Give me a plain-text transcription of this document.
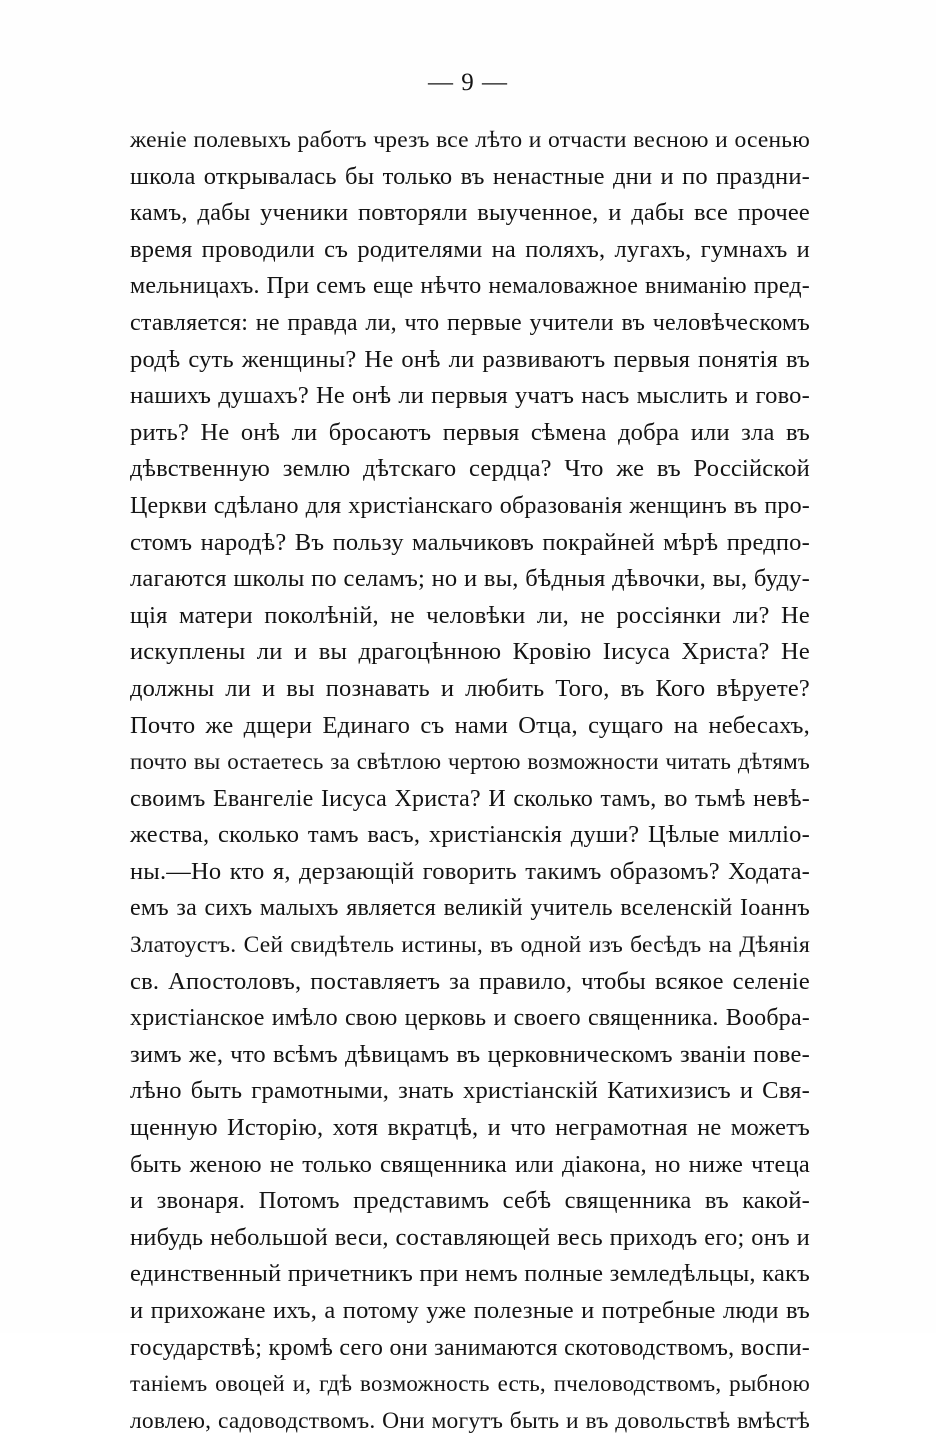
— 9 —
женіе полевыхъ работъ чрезъ все лѣто и отчасти весною и осенью
школа открывалась бы только въ ненастные дни и по праздни-
камъ, дабы ученики повторяли выученное, и дабы все прочее
время проводили съ родителями на поляхъ, лугахъ, гумнахъ и
мельницахъ. При семъ еще нѣчто немаловажное вниманію пред-
ставляется: не правда ли, что первые учители въ человѣческомъ
родѣ суть женщины? Не онѣ ли развиваютъ первыя понятія въ
нашихъ душахъ? Не онѣ ли первыя учатъ насъ мыслить и гово-
рить? Не онѣ ли бросаютъ первыя сѣмена добра или зла въ
дѣвственную землю дѣтскаго сердца? Что же въ Россійской
Церкви сдѣлано для христіанскаго образованія женщинъ въ про-
стомъ народѣ? Въ пользу мальчиковъ покрайней мѣрѣ предпо-
лагаются школы по селамъ; но и вы, бѣдныя дѣвочки, вы, буду-
щія матери поколѣній, не человѣки ли, не россіянки ли? Не
искуплены ли и вы драгоцѣнною Кровію Іисуса Христа? Не
должны ли и вы познавать и любить Того, въ Кого вѣруете?
Почто же дщери Единаго съ нами Отца, сущаго на небесахъ,
почто вы остаетесь за свѣтлою чертою возможности читать дѣтямъ
своимъ Евангеліе Іисуса Христа? И сколько тамъ, во тьмѣ невѣ-
жества, сколько тамъ васъ, христіанскія души? Цѣлые милліо-
ны.—Но кто я, дерзающій говорить такимъ образомъ? Ходата-
емъ за сихъ малыхъ является великій учитель вселенскій Іоаннъ
Златоустъ. Сей свидѣтель истины, въ одной изъ бесѣдъ на Дѣянія
св. Апостоловъ, поставляетъ за правило, чтобы всякое селеніе
христіанское имѣло свою церковь и своего священника. Вообра-
зимъ же, что всѣмъ дѣвицамъ въ церковническомъ званіи пове-
лѣно быть грамотными, знать христіанскій Катихизисъ и Свя-
щенную Исторію, хотя вкратцѣ, и что неграмотная не можетъ
быть женою не только священника или діакона, но ниже чтеца
и звонаря. Потомъ представимъ себѣ священника въ какой-
нибудь небольшой веси, составляющей весь приходъ его; онъ и
единственный причетникъ при немъ полные земледѣльцы, какъ
и прихожане ихъ, а потому уже полезные и потребные люди въ
государствѣ; кромѣ сего они занимаются скотоводствомъ, воспи-
таніемъ овоцей и, гдѣ возможность есть, пчеловодствомъ, рыбною
ловлею, садоводствомъ. Они могутъ быть и въ довольствѣ вмѣстѣ
